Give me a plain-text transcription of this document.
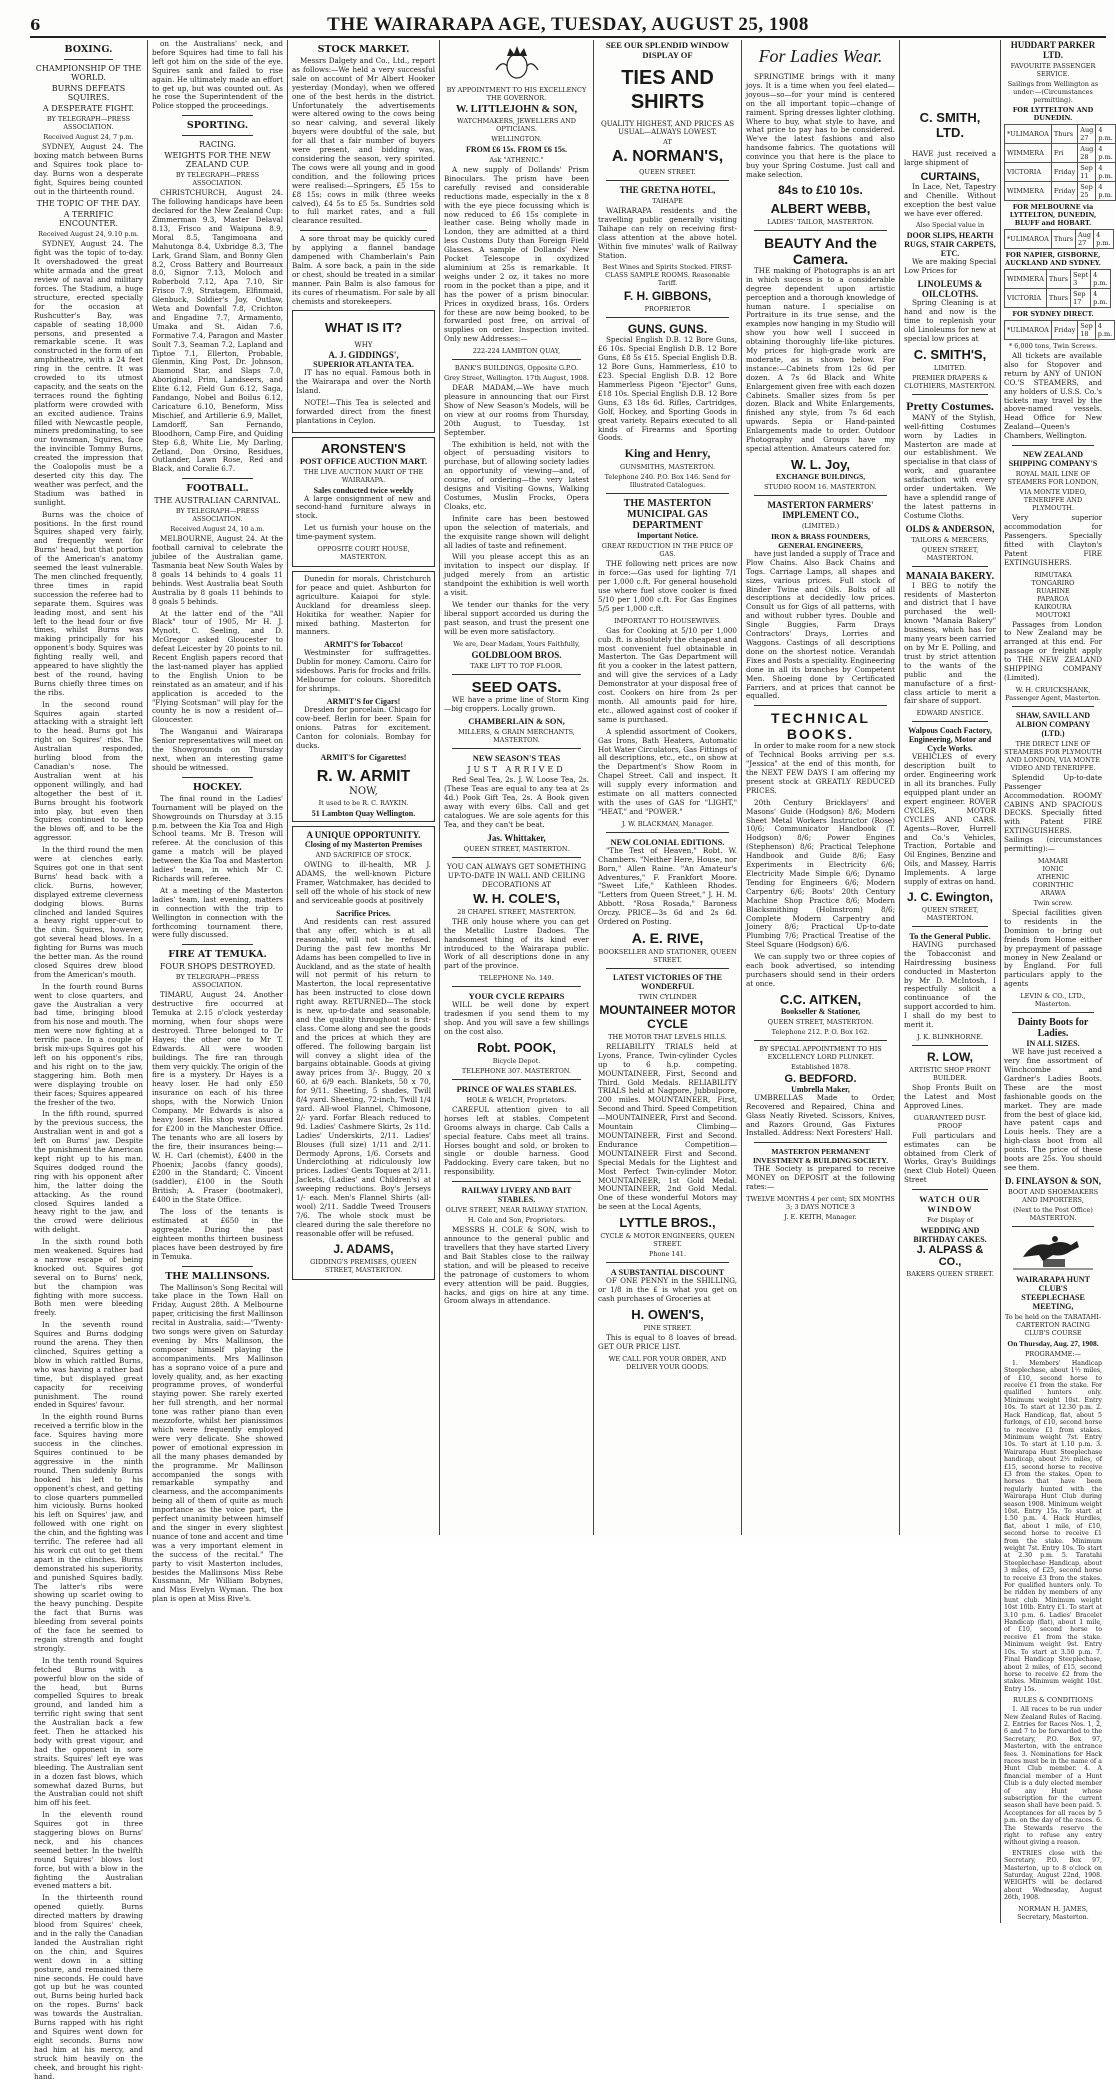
6	THE WAIRARAPA AGE, TUESDAY, AUGUST 25, 1908
BOXING.
CHAMPIONSHIP OF THE WORLD.
BURNS DEFEATS SQUIRES.
A DESPERATE FIGHT.
BY TELEGRAPH—PRESS ASSOCIATION.
Received August 24, 7 p.m.

SYDNEY, August 24. The boxing match between Burns and Squires took place to-day. Burns won a desperate fight, Squires being counted out in the thirteenth round.

THE TOPIC OF THE DAY.
A TERRIFIC ENCOUNTER.
Received August 24, 9.10 p.m.

SYDNEY, August 24. The fight was the topic of to-day. It overshadowed the great white armada and the great review of naval and military forces. The Stadium, a huge structure, erected specially for the occasion at Rushcutter's Bay, was capable of seating 18,000 persons, and presented a remarkable scene. It was constructed in the form of an amphitheatre, with a 24 feet ring in the centre. It was crowded to its utmost capacity, and the seats on the terraces round the fighting platform were crowded with an excited audience. Trains filled with Newcastle people, miners predominating, to see our townsman, Squires, face the invincible Tommy Burns, created the impression that the Coalopolis must be a deserted city this day. The weather was perfect, and the Stadium was bathed in sunlight.

Burns was the choice of positions. In the first round Squires shaped very fairly, and frequently went for Burns' head, but that portion of the American's anatomy seemed the least vulnerable. The men clinched frequently, three times in rapid succession the referee had to separate them. Squires was leading most, and sent his left to the head four or five times, whilst Burns was making principally for his opponent's body. Squires was fighting really well, and appeared to have slightly the best of the round, having Burns chiefly three times on the ribs.

In the second round Squires again started attacking with a straight left to the head. Burns got his right on Squires' ribs. The Australian responded, hurling blood from the Canadian's nose. The Australian went at his opponent willingly, and had altogether the best of it. Burns brought his footwork into play, but even then Squires continued to keep the blows off, and to be the aggressor.

In the third round the men were at clenches early. Squires got one in that sent Burns' head back with a click. Burns, however, displayed extreme cleverness dodging blows. Burns clinched and landed Squires a heavy right upper-cut to the chin. Squires, however, got several head blows. In a fighting for Burns was much the better man. As the round closed Squires drew blood from the American's mouth.

In the fourth round Burns went to close quarters, and gave the Australian a very bad time, bringing blood from his nose and mouth. The men were now fighting at a terrific pace. In a couple of brisk mix-ups Squires got his left on his opponent's ribs, and his right on to the jaw, staggering him. Both men were displaying trouble on their faces; Squires appeared the fresher of the two.

In the fifth round, spurred by the previous success, the Australian went in and got a left on Burns' jaw. Despite the punishment the American kept right up to his man. Squires dodged round the ring with his opponent after him, the latter doing the attacking. As the round closed Squires landed a heavy right to the jaw, and the crowd were delirious with delight.

In the sixth round both men weakened. Squires had a narrow escape of being knocked out. Squires got several on to Burns' neck, but the champion was fighting with more success. Both men were bleeding freely.

In the seventh round Squires and Burns dodging round the arena. They then clinched, Squires getting a blow in which rattled Burns, who was having a rather bad time, but displayed great capacity for receiving punishment. The round ended in Squires' favour.

In the eighth round Burns received a terrific blow in the face. Squires having more success in the clinches. Squires continued to be aggressive in the ninth round. Then suddenly Burns hooked his left to his opponent's chest, and getting to close quarters pummelled him viciously. Burns hooked his left on Squires' jaw, and followed with one right on the chin, and the fighting was terrific. The referee had all his work cut out to get them apart in the clinches. Burns demonstrated his superiority, and punished Squires badly. The latter's ribs were showing up scarlet owing to the heavy punching. Despite the fact that Burns was bleeding from several points of the face he seemed to regain strength and fought strongly.

In the tenth round Squires fetched Burns with a powerful blow on the side of the head, but Burns compelled Squires to break ground, and landed him a terrific right swing that sent the Australian back a few feet. Then he attacked his body with great vigour, and had the opponent in sore straits. Squires' left eye was bleeding. The Australian sent in a dozen fast blows, which somewhat dazed Burns, but the Australian could not shift him off his feet.

In the eleventh round Squires got in three staggering blows on Burns' neck, and his chances seemed better. In the twelfth round Squires' blows lost force, but with a blow in the fighting the Australian evened matters a bit.

In the thirteenth round opened quietly. Burns directed matters by drawing blood from Squires' cheek, and in the rally the Canadian landed the Australian right on the chin, and Squires went down in a sitting posture, and remained there nine seconds. He could have got up but he was counted out, Burns being hurled back on the ropes. Burns' back was towards the Australian. Burns rapped with his right and Squires went down for eight seconds. Burns now had him at his mercy, and struck him heavily on the cheek, and brought his right-hand.

on the Australians' neck, and before Squires had time to fall his left got him on the side of the eye. Squires sank and failed to rise again. He ultimately made an effort to get up, but was counted out. As he rose the Superintendent of the Police stopped the proceedings.

SPORTING.
RACING.
WEIGHTS FOR THE NEW ZEALAND CUP.
BY TELEGRAPH—PRESS ASSOCIATION.

CHRISTCHURCH, August 24. The following handicaps have been declared for the New Zealand Cup: Zimmerman 9.3, Master Delaval 8.13, Frisco and Waipuna 8.9, Moral 8.5, Tangimoana and Mahutonga 8.4, Uxbridge 8.3, The Lark, Grand Slam, and Bonny Glen 8.2, Cross Battery and Bourreaux 8.0, Signor 7.13, Moloch and Roberbold 7.12, Apa 7.10, Sir Frisco 7.9, Stratagem, Elfinmaid, Glenbuck, Soldier's Joy, Outlaw, Weta and Downfall 7.8, Crichton and Engadine 7.7, Armamento, Umaka and St. Aidan 7.6, Formative 7.4, Paragon and Master Soult 7.3, Seaman 7.2, Lapland and Tiptoe 7.1, Ellerton, Probable, Glenmin, King Post, Dr. Johnson, Diamond Star, and Slaps 7.0, Aboriginal, Prim, Landseers, and Elite 6.12, Field Gun 6.12, Saga, Fandango, Nobel and Boilus 6.12, Caricature 6.10, Beneform, Miss Mischief, and Artillerie 6.9, Mallet, Lamdorff, San Fernando, Bloodhorn, Camp Fire, and Quiding Step 6.8, White Lie, My Darling, Zetland, Don Orsino, Residues, Outlander, Lawn Rose, Red and Black, and Coralie 6.7.

FOOTBALL.
THE AUSTRALIAN CARNIVAL.
BY TELEGRAPH—PRESS ASSOCIATION.
Received August 24, 10 a.m.

MELBOURNE, August 24. At the football carnival to celebrate the jubilee of the Australian game, Tasmania beat New South Wales by 8 goals 14 behinds to 4 goals 11 behinds. West Australia beat South Australia by 8 goals 11 behinds to 8 goals 5 behinds.

At the latter end of the "All Black" tour of 1905, Mr H. J. Mynott, C. Seeling, and D. McGregor asked Gloucester to defeat Leicester by 20 points to nil. Recent English papers record that the last-named player has applied to the English Union to be reinstated as an amateur, and if his application is acceded to the "Flying Scotsman" will play for the county he is now a resident of—Gloucester.

The Wanganui and Wairarapa Senior representatives will meet on the Showgrounds on Thursday next, when an interesting game should be witnessed.

HOCKEY.

The final round in the Ladies' Tournament will be played on the Showgrounds on Thursday at 3.15 p.m. between the Kia Toa and High School teams. Mr B. Treson will referee. At the conclusion of this game a match will be played between the Kia Toa and Masterton ladies' team, in which Mr C. Richards will referee.

At a meeting of the Masterton ladies' team, last evening, matters in connection with the trip to Wellington in connection with the forthcoming tournament there, were fully discussed.

FIRE AT TEMUKA.
FOUR SHOPS DESTROYED.
BY TELEGRAPH—PRESS ASSOCIATION.

TIMARU, August 24. Another destructive fire occurred at Temuka at 2.15 o'clock yesterday morning, when four shops were destroyed. Three belonged to Dr Hayes; the other one to Mr T. Edwards. All were wooden buildings. The fire ran through them very quickly. The origin of the fire is a mystery. Dr Hayes is a heavy loser. He had only £50 insurance on each of his three shops, with the Norwich Union Company. Mr Edwards is also a heavy loser. His shop was insured for £200 in the Manchester Office. The tenants who are all losers by the fire, their insurances being:—W. H. Carl (chemist), £400 in the Phoenix; Jacobs (fancy goods), £200 in the Standard; C. Vincent (saddler), £100 in the South British; A. Fraser (bootmaker), £400 in the State Office.

The loss of the tenants is estimated at £650 in the aggregate. During the past eighteen months thirteen business places have been destroyed by fire in Temuka.

THE MALLINSONS.

The Mallinson's Song Recital will take place in the Town Hall on Friday, August 28th. A Melbourne paper, criticising the first Mallinson recital in Australia, said:—"Twenty-two songs were given on Saturday evening by Mrs Mallinson, the composer himself playing the accompaniments. Mrs Mallinson has a soprano voice of a pure and lovely quality, and, as her exacting programme proves, of wonderful staying power. She rarely exerted her full strength, and her normal tone was rather piano than even mezzoforte, whilst her pianissimos which were frequently employed were very delicate. She showed power of emotional expression in all the many phases demanded by the programme. Mr Mallinson accompanied the songs with remarkable sympathy and clearness, and the accompaniments being all of them of quite as much importance as the voice part, the perfect unanimity between himself and the singer in every slightest nuance of tone and accent and time was a very important element in the success of the recital." The party to visit Masterton includes, besides the Mallinsons Miss Rebe Kussmann, Mr William Bobynes, and Miss Evelyn Wyman. The box plan is open at Miss Rive's.

STOCK MARKET.

Messrs Dalgety and Co., Ltd., report as follows:—We held a very successful sale on account of Mr Albert Hooker yesterday (Monday), when we offered one of the best herds in the district. Unfortunately the advertisements were altered owing to the cows being so near calving, and several likely buyers were doubtful of the sale, but for all that a fair number of buyers were present, and bidding was, considering the season, very spirited. The cows were all young and in good condition, and the following prices were realised:—Springers, £5 15s to £8 15s; cows in milk (three weeks calved), £4 5s to £5 5s. Sundries sold to full market rates, and a full clearance resulted.

A sore throat may be quickly cured by applying a flannel bandage dampened with Chamberlain's Pain Balm. A sore back, a pain in the side or chest, should be treated in a similar manner. Pain Balm is also famous for its cures of rheumatism. For sale by all chemists and storekeepers.

WHAT IS IT?
WHY
A. J. GIDDINGS',
SUPERIOR ATLANTA TEA.

IT has no equal. Famous both in the Wairarapa and over the North Island.

NOTE!—This Tea is selected and forwarded direct from the finest plantations in Ceylon.

ARONSTEN'S
POST OFFICE AUCTION MART.
THE LIVE AUCTION MART OF THE WAIRARAPA.
Sales conducted twice weekly

A large consignment of new and second-hand furniture always in stock.

Let us furnish your house on the time-payment system.

OPPOSITE COURT HOUSE, MASTERTON.

Dunedin for morals. Christchurch for peace and quiet. Ashburton for agriculture. Kaiapoi for style. Auckland for dreamless sleep. Hokitika for weather. Napier for mixed bathing. Masterton for manners.

ARMIT'S for Tobacco!

Westminster for suffragettes. Dublin for money. Camoru. Cairo for sideshows. Paris for frocks and frills. Melbourne for colours. Shoreditch for shrimps.

ARMIT'S for Cigars!

Dresden for porcelain. Chicago for cow-beef. Berlin for beer. Spain for onions. Patras for excitement. Canton for colonials. Bombay for ducks.

ARMIT'S for Cigarettes!
R. W. ARMIT
NOW,
It used to be R. C. RAYKIN.
51 Lambton Quay Wellington.
A UNIQUE OPPORTUNITY.
Closing of my Masterton Premises
AND SACRIFICE OF STOCK.

OWING to ill-health, MR J. ADAMS, the well-known Picture Framer, Watchmaker, has decided to sell off the whole of his stock of new and serviceable goods at positively

Sacrifice Prices.

And residents can rest assured that any offer, which is at all reasonable, will not be refused. During the past few months Mr Adams has been compelled to live in Auckland, and as the state of health will not permit of his return to Masterton, the local representative has been instructed to close down right away. RETURNED—The stock is new, up-to-date and seasonable, and the quality throughout is first-class. Come along and see the goods and the prices at which they are offered. The following bargain list will convey a slight idea of the bargains obtainable. Goods at giving away prices from 3/-. Buggy, 20 x 60, at 6/9 each. Blankets, 50 x 70, for 9/11. Sheeting, 5 shades, Twill 8/4 yard. Sheeting, 72-inch, Twill 1/4 yard. All-wool Flannel, Chimosone, 2/- yard. Forfar Bleach reduced to 9d. Ladies' Cashmere Skirts, 2s 11d. Ladies' Underskirts, 2/11. Ladies' Blouses (full size) 1/11 and 2/11. Dermody Aprons, 1/6. Corsets and Underclothing at ridiculously low prices. Ladies' Gents Toques at 2/11. Jackets, (Ladies' and Children's) at sweeping reductions. Boy's Jerseys 1/- each. Men's Flannel Shirts (all-wool) 2/11. Saddle Tweed Trousers 7/6. The whole stock must be cleared during the sale therefore no reasonable offer will be refused.

J. ADAMS,
GIDDING'S PREMISES, QUEEN STREET, MASTERTON.
BY APPOINTMENT TO HIS EXCELLENCY THE GOVERNOR.
W. LITTLEJOHN & SON,
WATCHMAKERS, JEWELLERS AND OPTICIANS.
WELLINGTON.
FROM £6 15s. FROM £6 15s.
Ask "ATHENIC."

A new supply of Dollands' Prism Binoculars. The prism have been carefully revised and considerable reductions made, especially in the x 8 with the eye piece focussing which is now reduced to £6 15s complete in leather case. Being wholly made in London, they are admitted at a third less Customs Duty than Foreign Field Glasses. A sample of Dollands' New Pocket Telescope in oxydized aluminium at 25s is remarkable. It weighs under 2 oz, it takes no more room in the pocket than a pipe, and it has the power of a prism binocular. Prices in oxydized brass, 16s. Orders for these are now being booked, to be forwarded post free, on arrival of supplies on order. Inspection invited. Only new Addresses:—

222-224 LAMBTON QUAY,
BANK'S BUILDINGS, Opposite G.P.O.
Grey Street, Wellington. 17th August, 1908.

DEAR MADAM,—We have much pleasure in announcing that our First Show of New Season's Models, will be on view at our rooms from Thursday, 20th August, to Tuesday, 1st September.

The exhibition is held, not with the object of persuading visitors to purchase, but of allowing society ladies an opportunity of viewing—and, of course, of ordering—the very latest designs and Visiting Gowns, Walking Costumes, Muslin Frocks, Opera Cloaks, etc.

Infinite care has been bestowed upon the selection of materials, and the exquisite range shown will delight all ladies of taste and refinement.

Will you please accept this as an invitation to inspect our display. If judged merely from an artistic standpoint the exhibition is well worth a visit.

We tender our thanks for the very liberal support accorded us during the past season, and trust the present one will be even more satisfactory.

We are, Dear Madam, Yours Faithfully,
GOLDBLOOM BROS.
TAKE LIFT TO TOP FLOOR.
SEED OATS.

WE have a prime line of Storm King—big croppers. Locally grown.

CHAMBERLAIN & SON,
MILLERS, & GRAIN MERCHANTS, MASTERTON.
NEW SEASON'S TEAS
JUST ARRIVED

Red Seal Tea, 2s. J. W. Loose Tea, 2s. (These Teas are equal to any tea at 2s 4d.) Pook Gift Tea, 2s. A Book given away with every 6lbs. Call and get catalogues. We are sole agents for this Tea, and they can't be beat.

Jas. Whittaker,
QUEEN STREET, MASTERTON.
YOU CAN ALWAYS GET SOMETHING UP-TO-DATE IN WALL AND CEILING DECORATIONS AT
W. H. COLE'S,
28 CHAPEL STREET, MASTERTON.

THE only house where you can get the Metallic Lustre Dadoes. The handsomest thing of its kind ever introduced to the Wairarapa public. Work of all descriptions done in any part of the province.

TELEPHONE No. 149.
YOUR CYCLE REPAIRS

WILL be well done by expert tradesmen if you send them to my shop. And you will save a few shillings on the cost also.

Robt. POOK,
Bicycle Depot.
TELEPHONE 307. MASTERTON.
PRINCE OF WALES STABLES.
HOLE & WELCH, Proprietors.

CAREFUL attention given to all horses left at stables. Competent Grooms always in charge. Cab Calls a special feature. Cabs meet all trains. Horses bought and sold, or broken to single or double harness. Good Paddocking. Every care taken, but no responsibility.

RAILWAY LIVERY AND BAIT STABLES.
OLIVE STREET, NEAR RAILWAY STATION.
H. Cole and Son, Proprietors.

MESSRS H. COLE & SON, wish to announce to the general public and travellers that they have started Livery and Bait Stables close to the railway station, and will be pleased to receive the patronage of customers to whom every attention will be paid. Buggies, hacks, and gigs on hire at any time. Groom always in attendance.

SEE OUR SPLENDID WINDOW DISPLAY OF
TIES AND SHIRTS
QUALITY HIGHEST, AND PRICES AS USUAL—ALWAYS LOWEST.
AT
A. NORMAN'S,
QUEEN STREET.
THE GRETNA HOTEL,
TAIHAPE

WAIRARAPA residents and the travelling public generally visiting Taihape can rely on receiving first-class attention at the above hotel. Within five minutes' walk of Railway Station.

Best Wines and Spirits Stocked. FIRST-CLASS SAMPLE ROOMS. Reasonable Tariff.
F. H. GIBBONS,
PROPRIETOR
GUNS. GUNS.

Special English D.B. 12 Bore Guns, £6 10s. Special English D.B. 12 Bore Guns, £8 5s £15. Special English D.B. 12 Bore Guns, Hammerless, £10 to £23. Special English D.B. 12 Bore Hammerless Pigeon "Ejector" Guns, £18 10s. Special English D.B. 12 Bore Guns, £3 18s 6d. Rifles, Cartridges, Golf, Hockey, and Sporting Goods in great variety. Repairs executed to all kinds of Firearms and Sporting Goods.

King and Henry,
GUNSMITHS, MASTERTON.
Telephone 240. P.O. Box 146. Send for Illustrated Catalogues.
THE MASTERTON MUNICIPAL GAS DEPARTMENT
Important Notice.
GREAT REDUCTION IN THE PRICE OF GAS.

THE following nett prices are now in force:—Gas used for lighting 7/1 per 1,000 c.ft. For general household use where fuel stove cooker is fixed 5/10 per 1,000 c.ft. For Gas Engines 5/5 per 1,000 c.ft.

IMPORTANT TO HOUSEWIVES.

Gas for Cooking at 5/10 per 1,000 cub. ft. is absolutely the cheapest and most convenient fuel obtainable in Masterton. The Gas Department will fit you a cooker in the latest pattern, and will give the services of a Lady Demonstrator at your disposal free of cost. Cookers on hire from 2s per month. All amounts paid for hire, etc., allowed against cost of cooker if same is purchased.

A splendid assortment of Cookers, Gas Irons, Bath Heaters, Automatic Hot Water Circulators, Gas Fittings of all descriptions, etc., etc., on show at the Department's Show Room in Chapel Street. Call and inspect. It will supply every information and estimate on all matters connected with the uses of GAS for "LIGHT," "HEAT," and "POWER."

J. W. BLACKMAN, Manager.
NEW COLONIAL EDITIONS.

"The Test of Heaven," Robt. W. Chambers. "Neither Here, House, nor Born," Allen Raine. "An Amateur's Adventures," F. Frankfort Moore. "Sweet Life," Kathleen Rhodes. "Letters from Queen Street," J. H. M. Abbott. "Rosa Rosada," Baroness Orczy. PRICE—3s 6d and 2s 6d. Ordered on Posting.

A. E. RIVE,
BOOKSELLER AND STATIONER, QUEEN STREET.
LATEST VICTORIES OF THE WONDERFUL
TWIN CYLINDER
MOUNTAINEER MOTOR CYCLE
THE MOTOR THAT LEVELS HILLS.

RELIABILITY TRIALS held at Lyons, France, Twin-cylinder Cycles up to 6 h.p. competing. MOUNTAINEER, First, Second and Third. Gold Medals. RELIABILITY TRIALS held at Nagpore, Jubbulpore, 200 miles. MOUNTAINEER, First, Second and Third. Speed Competition—MOUNTAINEER, First and Second. Mountain Climbing—MOUNTAINEER, First and Second. Endurance Competition—MOUNTAINEER First and Second. Special Medals for the Lightest and Most Perfect Twin-cylinder Motor. MOUNTAINEER, 1st Gold Medal. MOUNTAINEER, 2nd Gold Medal. One of these wonderful Motors may be seen at the Local Agents,

LYTTLE BROS.,
CYCLE & MOTOR ENGINEERS, QUEEN STREET.
Phone 141.
A SUBSTANTIAL DISCOUNT

OF ONE PENNY in the SHILLING, or 1/8 in the £ is what you get on cash purchases of Groceries at

H. OWEN'S,
PINE STREET.

This is equal to 8 loaves of bread. GET OUR PRICE LIST.

WE CALL FOR YOUR ORDER, AND DELIVER YOUR GOODS.
For Ladies Wear.

SPRINGTIME brings with it many joys. It is a time when you feel elated—joyous—so—for your mind is centered on the all important topic—change of raiment. Spring dresses lighter clothing. Where to buy, what style to have, and what price to pay has to be considered. We've the latest fashions and also handsome fabrics. The quotations will convince you that here is the place to buy your Spring Costume. Just call and make selection.

84s to £10 10s.
ALBERT WEBB,
LADIES' TAILOR, MASTERTON.
BEAUTY And the Camera.

THE making of Photographs is an art in which success is to a considerable degree dependent upon artistic perception and a thorough knowledge of human nature. I specialise on Portraiture in its true sense, and the examples now hanging in my Studio will show you how well I succeed in obtaining thoroughly life-like pictures. My prices for high-grade work are moderate, as is shown below. For instance:—Cabinets from 12s 6d per dozen. A 7s 6d Black and White Enlargement given free with each dozen Cabinets. Smaller sizes from 5s per dozen. Black and White Enlargements, finished any style, from 7s 6d each upwards. Sepia or Hand-painted Enlargements made to order. Outdoor Photography and Groups have my special attention. Amateurs catered for.

W. L. Joy,
EXCHANGE BUILDINGS,
STUDIO ROOM 16. MASTERTON.
MASTERTON FARMERS' IMPLEMENT CO.,
(LIMITED.)
IRON & BRASS FOUNDERS,
GENERAL ENGINEERS,

have just landed a supply of Trace and Plow Chains. Also Back Chains and Togs. Carriage Lamps, all shapes and sizes, various prices. Full stock of Binder Twine and Oils. Bolts of all descriptions at decidedly low prices. Consult us for Gigs of all patterns, with and without rubber tyres. Double and Single Buggies, Farm Drays Contractors' Drays, Lorries and Waggons. Castings of all descriptions done on the shortest notice. Verandah Fixes and Posts a speciality. Engineering done in all its branches by Competent Men. Shoeing done by Certificated Farriers, and at prices that cannot be equalled.

TECHNICAL BOOKS.

In order to make room for a new stock of Technical Books arriving per s.s. "Jessica" at the end of this month, for the NEXT FEW DAYS I am offering my present stock at GREATLY REDUCED PRICES.

20th Century Bricklayers' and Masons' Guide (Hodgson) 8/6; Modern Sheet Metal Workers Instructor (Rose) 10/6; Communicator Handbook (T. Hodgson) 8/6; Power Engines (Stephenson) 8/6; Practical Telephone Handbook and Guide 8/6; Easy Experiments in Electricity 6/6; Electricity Made Simple 6/6; Dynamo Tending for Engineers 6/6; Modern Carpentry 6/6; Boots' 20th Century Machine Shop Practice 8/6; Modern Blacksmithing (Holmstrom) 8/6; Complete Modern Carpentry and Joinery 8/6; Practical Up-to-date Plumbing 7/6; Practical Treatise of the Steel Square (Hodgson) 6/6.

We can supply two or three copies of each book advertised, so intending purchasers should send in their orders at once.

C.C. AITKEN,
Bookseller & Stationer,
QUEEN STREET, MASTERTON.
Telephone 212. P. O. Box 162.
BY SPECIAL APPOINTMENT TO HIS EXCELLENCY LORD PLUNKET.
Established 1878.
G. BEDFORD.
Umbrella Maker,

UMBRELLAS Made to Order, Recovered and Repaired, China and Glass Neatly Riveted. Scissors, Knives, and Razors Ground, Gas Fixtures Installed. Address: Next Foresters' Hall.

MASTERTON PERMANENT INVESTMENT & BUILDING SOCIETY.

THE Society is prepared to receive MONEY on DEPOSIT at the following rates:—

TWELVE MONTHS 4 per cent; SIX MONTHS 3; 3 DAYS NOTICE 3
J. E. KEITH, Manager.
C. SMITH, LTD.

HAVE just received a large shipment of

CURTAINS,

In Lace, Net, Tapestry and Chenille. Without exception the best value we have ever offered.

Also Special value in
DOOR SLIPS, HEARTH RUGS, STAIR CARPETS, ETC.

We are making Special Low Prices for

LINOLEUMS & OILCLOTHS.

Spring Cleaning is at hand and now is the time to replenish your old Linoleums for new at special low prices at

C. SMITH'S,
LIMITED.
PREMIER DRAPERS & CLOTHIERS, MASTERTON.
Pretty Costumes.

MANY of the Stylish, well-fitting Costumes worn by Ladies in Masterton are made at our establishment. We specialise in that class of work, and guarantee satisfaction with every order undertaken. We have a splendid range of the latest patterns in Costume Cloths.

OLDS & ANDERSON,
TAILORS & MERCERS,
QUEEN STREET, MASTERTON.
MANAIA BAKERY.

I BEG to notify the residents of Masterton and district that I have purchased the well-known "Manaia Bakery" business, which has for many years been carried on by Mr E. Polling, and trust by strict attention to the wants of the public and the manufacture of a first-class article to merit a fair share of support.

EDWARD ANSTICE.
Walpous Coach Factory, Engineering, Motor and Cycle Works.

VEHICLES of every description built to order. Engineering work in all its branches. Fully equipped plant under an expert engineer. ROVER CYCLES, MOTOR CYCLES AND CARS. Agents—Rover, Hurrell and Co.'s Vehicles, Traction, Portable and Oil Engines, Benzine and Oils, and Massey, Harris Implements. A large supply of extras on hand.

J. C. Ewington,
QUEEN STREET, MASTERTON.
To the General Public.

HAVING purchased the Tobacconist and Hairdressing business conducted in Masterton by Mr D. McIntosh, I respectfully solicit a continuance of the support accorded to him. I shall do my best to merit it.

J. K. BLINKHORNE.
R. LOW,
ARTISTIC SHOP FRONT BUILDER.

Shop Fronts Built on the Latest and Most Approved Lines.

GUARANTEED DUST-PROOF

Full particulars and estimates can be obtained from Clerk of Works, Gray's Buildings (next Club Hotel) Queen Street

WATCH OUR WINDOW
For Display of
WEDDING AND BIRTHDAY CAKES.
J. ALPASS & CO.,
BAKERS QUEEN STREET.
HUDDART PARKER LTD.
FAVOURITE PASSENGER SERVICE.
Sailings from Wellington as under:—(Circumstances permitting).
FOR LYTTELTON AND DUNEDIN.
*ULIMAROA	Thurs	Aug 27	4 p.m.
WIMMERA	Fri	Aug 28	4 p.m.
VICTORIA	Friday	Sep 11	4 p.m.
WIMMERA	Friday	Sep 25	4 p.m.
FOR MELBOURNE via LYTTELTON, DUNEDIN, BLUFF and HOBART.
*ULIMAROA	Thurs	Aug 27	4 p.m.
FOR NAPIER, GISBORNE, AUCKLAND AND SYDNEY.
WIMMERA	Thurs	Sept 3	4 p.m.
VICTORIA	Thurs	Sep 17	4 p.m.
FOR SYDNEY DIRECT.
*ULIMAROA	Friday	Sep 18	4 p.m.
* 6,000 tons, Twin Screws.

All tickets are available also for Stopover and return by ANY of UNION CO.'S STEAMERS, and any holders of U.S.S. Co.'s tickets may travel by the above-named vessels. Head Office for New Zealand—Queen's Chambers, Wellington.

NEW ZEALAND SHIPPING COMPANY'S
ROYAL MAIL LINE OF STEAMERS FOR LONDON,
VIA MONTE VIDEO, TENERIFFE AND PLYMOUTH.

Very superior accommodation for Passengers. Specially fitted with Clayton's Patent FIRE EXTINGUISHERS.

RIMUTAKA
TONGARIRO
RUAHINE
PAPAROA
KAIKOURA
MOUTOKI

Passages from London to New Zealand may be arranged at this end. For passage or freight apply to THE NEW ZEALAND SHIPPING COMPANY (Limited).

W. H. CRUICKSHANK, Passenger Agent, Masterton.
SHAW, SAVILL AND ALBION COMPANY (LTD.)
THE DIRECT LINE OF STEAMERS FOR PLYMOUTH AND LONDON, VIA MONTE VIDEO AND TENERIFFE.

Splendid Up-to-date Passenger Accommodation. ROOMY CABINS AND SPACIOUS DECKS. Specially fitted with Patent FIRE EXTINGUISHERS. Sailings (circumstances permitting):—

MAMARI
IONIC
ATHENIC
CORINTHIC
ARAWA
Twin screw.

Special facilities given to residents in the Dominion to bring out friends from Home either by prepayment of passage money in New Zealand or by England. For full particulars apply to the agents

LEVIN & CO., LTD., Masterton.
Dainty Boots for Ladies.
IN ALL SIZES.

WE have just received a very fine assortment of Winchcombe and Gardner's Ladies Boots. These are the most fashionable goods on the market. They are made from the best of glace kid, have patent caps and Louis heels. They are a high-class boot from all points. The price of these boots are 25s. You should see them.

D. FINLAYSON & SON,
BOOT AND SHOEMAKERS AND IMPORTERS,
(Next to the Post Office) MASTERTON.
WAIRARAPA HUNT CLUB'S
STEEPLECHASE MEETING,
To be held on the TARATAHI-CARTERTON RACING CLUB'S COURSE
On Thursday, Aug. 27, 1908.
PROGRAMME:—

1. Members' Handicap Steeplechase, about 1½ miles, of £10, second horse to receive £1 from the stake. For qualified hunters only. Minimum weight 10st. Entry 10s. To start at 12.30 p.m. 2. Hack Handicap, flat, about 5 furlongs, of £10, second horse to receive £1 from stakes. Minimum weight 7st. Entry 10s. To start at 1.10 p.m. 3. Wairarapa Hunt Steeplechase handicap, about 2½ miles, of £15, second horse to receive £3 from the stakes. Open to horses that have been regularly hunted with the Wairarapa Hunt Club during season 1908. Minimum weight 10st. Entry 15s. To start at 1.50 p.m. 4. Hack Hurdles, flat, about 1 mile, of £10, second horse to receive £1 from the stake. Minimum weight 7st. Entry 10s. To start at 2.30 p.m. 5. Taratahi Steeplechase Handicap, about 3 miles, of £25, second horse to receive £3 from the stakes. For qualified hunters only. To be ridden by members of any hunt club. Minimum weight 10st 10lb. Entry £1. To start at 3.10 p.m. 6. Ladies' Bracelet Handicap (flat), about 1 mile, of £10, second horse to receive £1 from the stake. Minimum weight 9st. Entry 10s. To start at 3.50 p.m. 7. Final Handicap Steeplechase, about 2 miles, of £15, second horse to receive £2 from the stakes. Minimum weight 10st. Entry 15s.

RULES & CONDITIONS

1. All races to be run under New Zealand Rules of Racing. 2. Entries for Races Nos. 1, 2, 6 and 7 to be forwarded to the Secretary, P.O. Box 97, Masterton, with the entrance fees. 3. Nominations for Hack races must be in the name of a Hunt Club member. 4. A financial member of a Hunt Club is a duly elected member of any Hunt whose subscription for the current season shall have been paid. 5. Acceptances for all races by 5 p.m. on the day of the races. 6. The Stewards reserve the right to refuse any entry without giving a reason.

ENTRIES close with the Secretary, P.O. Box 97, Masterton, up to 8 o'clock on Saturday, August 22nd, 1908. WEIGHTS will be declared about Wednesday, August 26th, 1908.

NORMAN H. JAMES, Secretary, Masterton.
